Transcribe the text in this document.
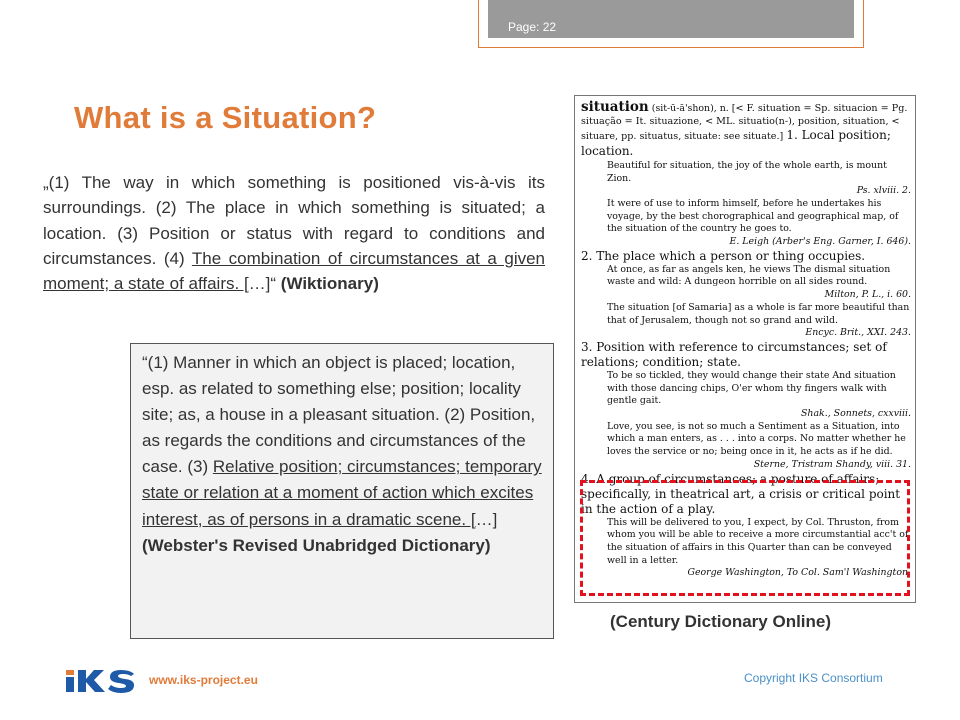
Page: 22
What is a Situation?
„(1) The way in which something is positioned vis-à-vis its surroundings. (2) The place in which something is situated; a location. (3) Position or status with regard to conditions and circumstances. (4) The combination of circumstances at a given moment; a state of affairs. […]“ (Wiktionary)
“(1) Manner in which an object is placed; location, esp. as related to something else; position; locality site; as, a house in a pleasant situation. (2) Position, as regards the conditions and circumstances of the case. (3) Relative position; circumstances; temporary state or relation at a moment of action which excites interest, as of persons in a dramatic scene. […]
(Webster's Revised Unabridged Dictionary)
situation (sit-ū-ā'shon), n. [< F. situation = Sp. situacion = Pg. situação = It. situazione, < ML. situatio(n-), position, situation, < situare, pp. situatus, situate: see situate.] 1. Local position; location.
Beautiful for situation, the joy of the whole earth, is mount Zion.
Ps. xlviii. 2.
It were of use to inform himself, before he undertakes his voyage, by the best chorographical and geographical map, of the situation of the country he goes to.
E. Leigh (Arber's Eng. Garner, I. 646).
2. The place which a person or thing occupies.
At once, as far as angels ken, he views The dismal situation waste and wild: A dungeon horrible on all sides round.
Milton, P. L., i. 60.
The situation [of Samaria] as a whole is far more beautiful than that of Jerusalem, though not so grand and wild.
Encyc. Brit., XXI. 243.
3. Position with reference to circumstances; set of relations; condition; state.
To be so tickled, they would change their state And situation with those dancing chips, O'er whom thy fingers walk with gentle gait.
Shak., Sonnets, cxxviii.
Love, you see, is not so much a Sentiment as a Situation, into which a man enters, as . . . into a corps. No matter whether he loves the service or no; being once in it, he acts as if he did.
Sterne, Tristram Shandy, viii. 31.
4. A group of circumstances; a posture of affairs; specifically, in theatrical art, a crisis or critical point in the action of a play.
This will be delivered to you, I expect, by Col. Thruston, from whom you will be able to receive a more circumstantial acc't of the situation of affairs in this Quarter than can be conveyed well in a letter.
George Washington, To Col. Sam'l Washington.
(Century Dictionary Online)
www.iks-project.eu	Copyright IKS Consortium
